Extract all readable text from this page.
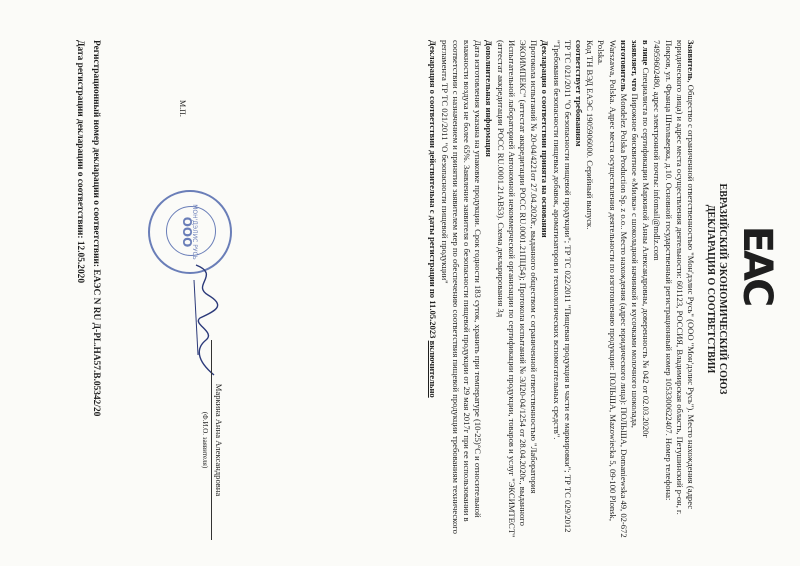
ЕАС
ЕВРАЗИЙСКИЙ ЭКОНОМИЧЕСКИЙ СОЮЗ
ДЕКЛАРАЦИЯ О СООТВЕТСТВИИ

Заявитель, Общество с ограниченной ответственностью "Мон'дэлис Русь" (ООО "Мон'дэлис Русь"). Место нахождения (адрес юридического лица) и адрес места осуществления деятельности: 601123, РОССИЯ, Владимирская область, Петушинский р-он, г. Покров, ул. Франца Штольверка, д.10. Основной государственный регистрационный номер 1053300622407. Номер телефона: 74959602480, адрес электронной почты: infomail@mdlz.com

в лице Специалиста по сертификации Маркиной Анны Александровны, доверенность № 042 от 02.03.2020г

заявляет, что Пирожное бисквитное «Милка» с шоколадной начинкой и кусочками молочного шоколада,

изготовитель Mondelez Polska Production Sp. z o.o.. Место нахождения (адрес юридического лица): ПОЛЬША, Domaniewska 49, 02-672 Warszawa, Polska. Адрес места осуществления деятельности по изготовлению продукции: ПОЛЬША, Mazowiecka 5, 09-100 Plonsk, Polska.

Код ТН ВЭД ЕАЭС 1905906000. Серийный выпуск.

соответствует требованиям

ТР ТС 021/2011 "О безопасности пищевой продукции"; ТР ТС 022/2011 "Пищевая продукция в части ее маркировки"; ТР ТС 029/2012 "Требования безопасности пищевых добавок, ароматизаторов и технологических вспомогательных средств".

Декларация о соответствии принята на основании

Протокола испытаний № 20-04/4221от 27.04.2020г., выданного обществом с ограниченной ответственностью "Лаборатория ЭКОИМПЕКС" (аттестат аккредитации РОСС RU.0001.21ПЦ54); Протокола испытаний № ЭЛ20-04/1254 от 28.04.2020г., выданного Испытательной лабораторией Автономной некоммерческой организации по сертификации продукции, товаров и услуг "ЭКСИМТЕСТ" (аттестат аккредитации РОСС RU.0001.21АВ53). Схема декларирования 3д

Дополнительная информация

Дата изготовления указана на упаковке продукции. Срок годности 183 суток, хранить при температуре (10-25)°C и относительной влажности воздуха не более 65%. Заявление заявителя о безопасности пищевой продукции от 29 мая 2017г при ее использовании в соответствии с назначением и принятии заявителем мер по обеспечению соответствия пищевой продукции требованиям технического регламента ТР ТС 021/2011 "О безопасности пищевой продукции"

Декларация о соответствии действительна с даты регистрации по 11.05.2023 включительно

МОН'ДЭЛИС РУСЬ
ООО
Маркина Анна Александровна
(Ф.И.О. заявителя)
М.П.
Регистрационный номер декларации о соответствии: ЕАЭС N RU Д-PL.HA57.B.05342/20
Дата регистрации декларации о соответствии: 12.05.2020
